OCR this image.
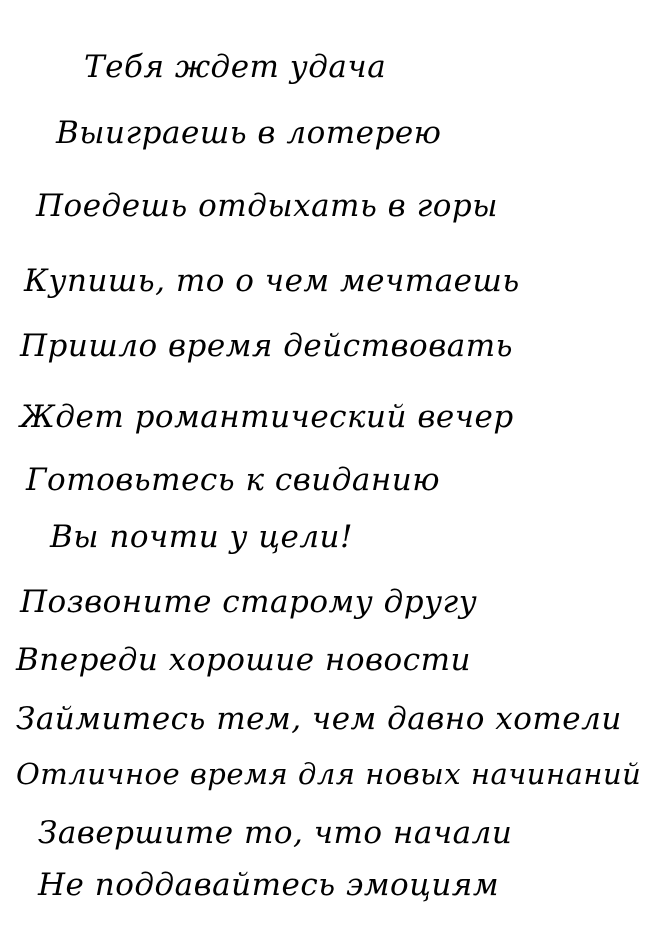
Тебя ждет удача
Выиграешь в лотерею
Поедешь отдыхать в горы
Купишь, то о чем мечтаешь
Пришло время действовать
Ждет романтический вечер
Готовьтесь к свиданию
Вы почти у цели!
Позвоните старому другу
Впереди хорошие новости
Займитесь тем, чем давно хотели
Отличное время для новых начинаний
Завершите то, что начали
Не поддавайтесь эмоциям
